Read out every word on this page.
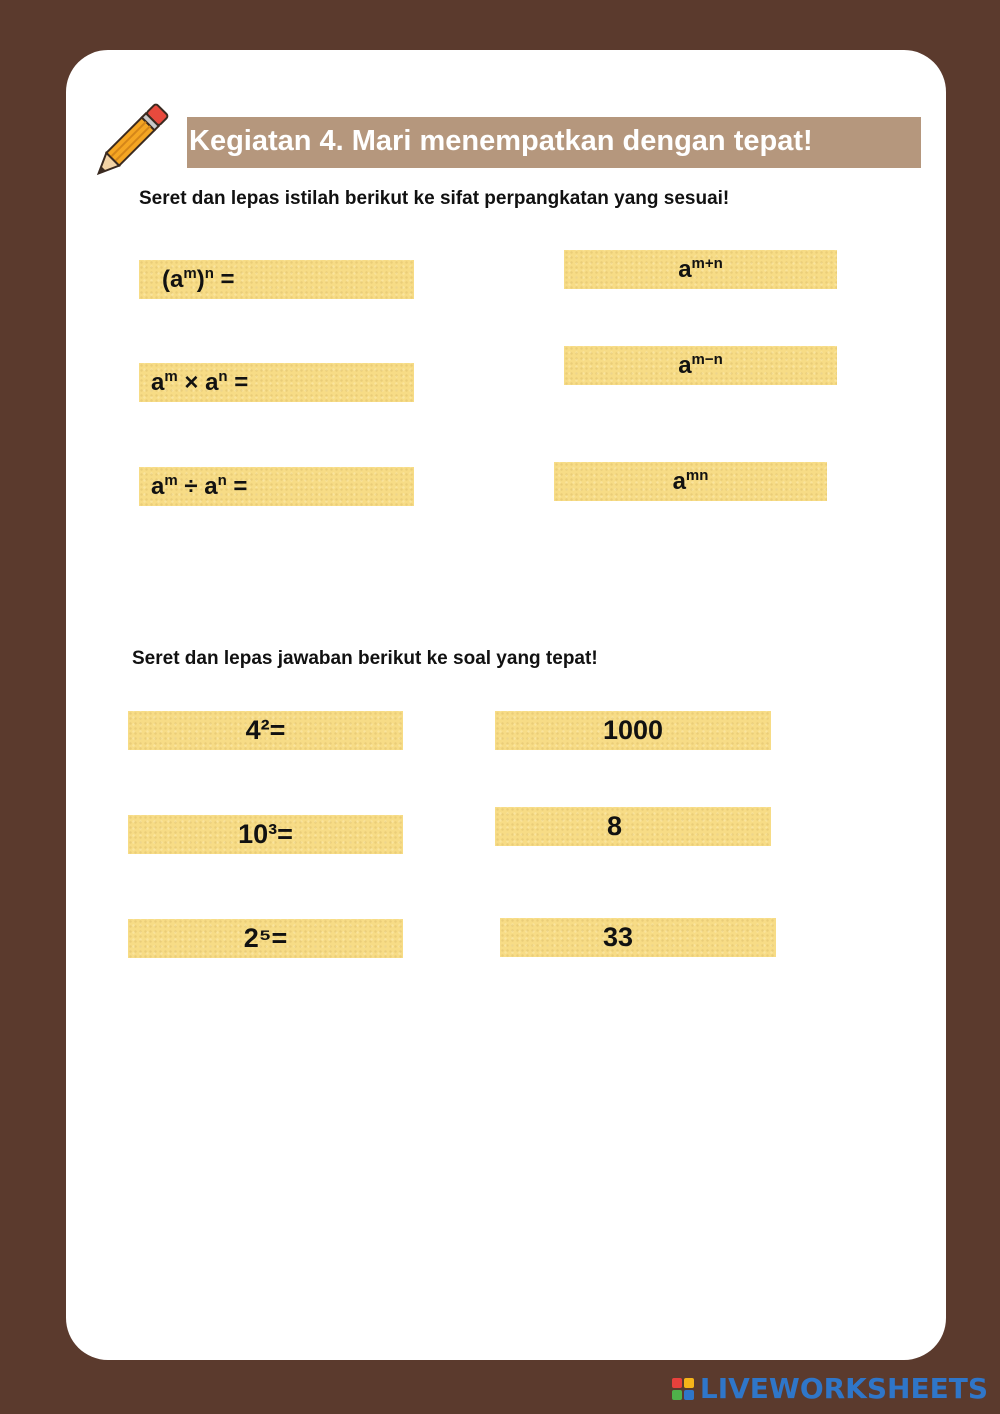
Kegiatan 4. Mari menempatkan dengan tepat!
Seret dan lepas istilah berikut ke sifat perpangkatan yang sesuai!
$(a^m)^n$ =
$a^m \times a^n$ =
$a^m \div a^n$ =
$a^{m+n}$
$a^{m-n}$
$a^{mn}$
Seret dan lepas jawaban berikut ke soal yang tepat!
4²=
10³=
2⁵=
1000
8
33
LIVEWORKSHEETS
